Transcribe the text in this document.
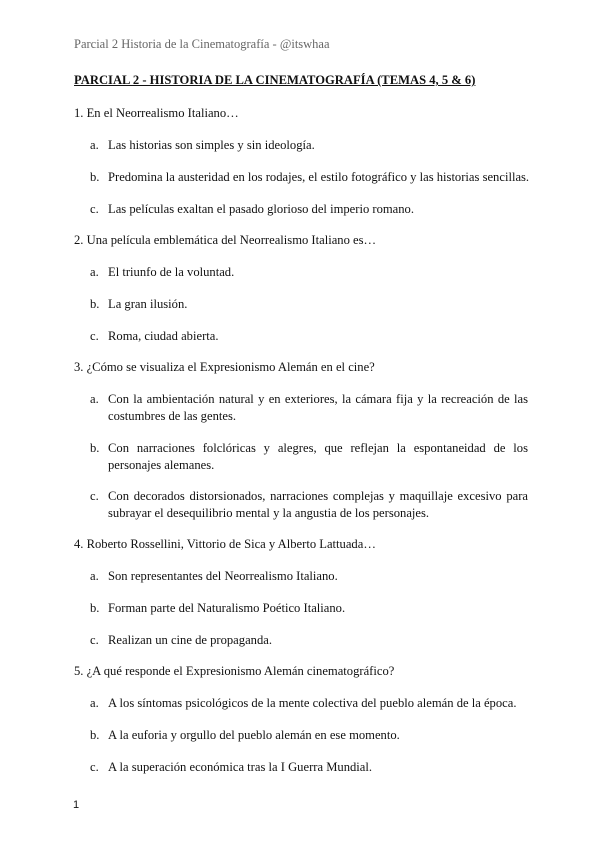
Parcial 2 Historia de la Cinematografía - @itswhaa
PARCIAL 2 - HISTORIA DE LA CINEMATOGRAFÍA (TEMAS 4, 5 & 6)
1. En el Neorrealismo Italiano…
a. Las historias son simples y sin ideología.
b. Predomina la austeridad en los rodajes, el estilo fotográfico y las historias sencillas.
c. Las películas exaltan el pasado glorioso del imperio romano.
2. Una película emblemática del Neorrealismo Italiano es…
a. El triunfo de la voluntad.
b. La gran ilusión.
c. Roma, ciudad abierta.
3. ¿Cómo se visualiza el Expresionismo Alemán en el cine?
a. Con la ambientación natural y en exteriores, la cámara fija y la recreación de las costumbres de las gentes.
b. Con narraciones folclóricas y alegres, que reflejan la espontaneidad de los personajes alemanes.
c. Con decorados distorsionados, narraciones complejas y maquillaje excesivo para subrayar el desequilibrio mental y la angustia de los personajes.
4. Roberto Rossellini, Vittorio de Sica y Alberto Lattuada…
a. Son representantes del Neorrealismo Italiano.
b. Forman parte del Naturalismo Poético Italiano.
c. Realizan un cine de propaganda.
5. ¿A qué responde el Expresionismo Alemán cinematográfico?
a. A los síntomas psicológicos de la mente colectiva del pueblo alemán de la época.
b. A la euforia y orgullo del pueblo alemán en ese momento.
c. A la superación económica tras la I Guerra Mundial.
1
